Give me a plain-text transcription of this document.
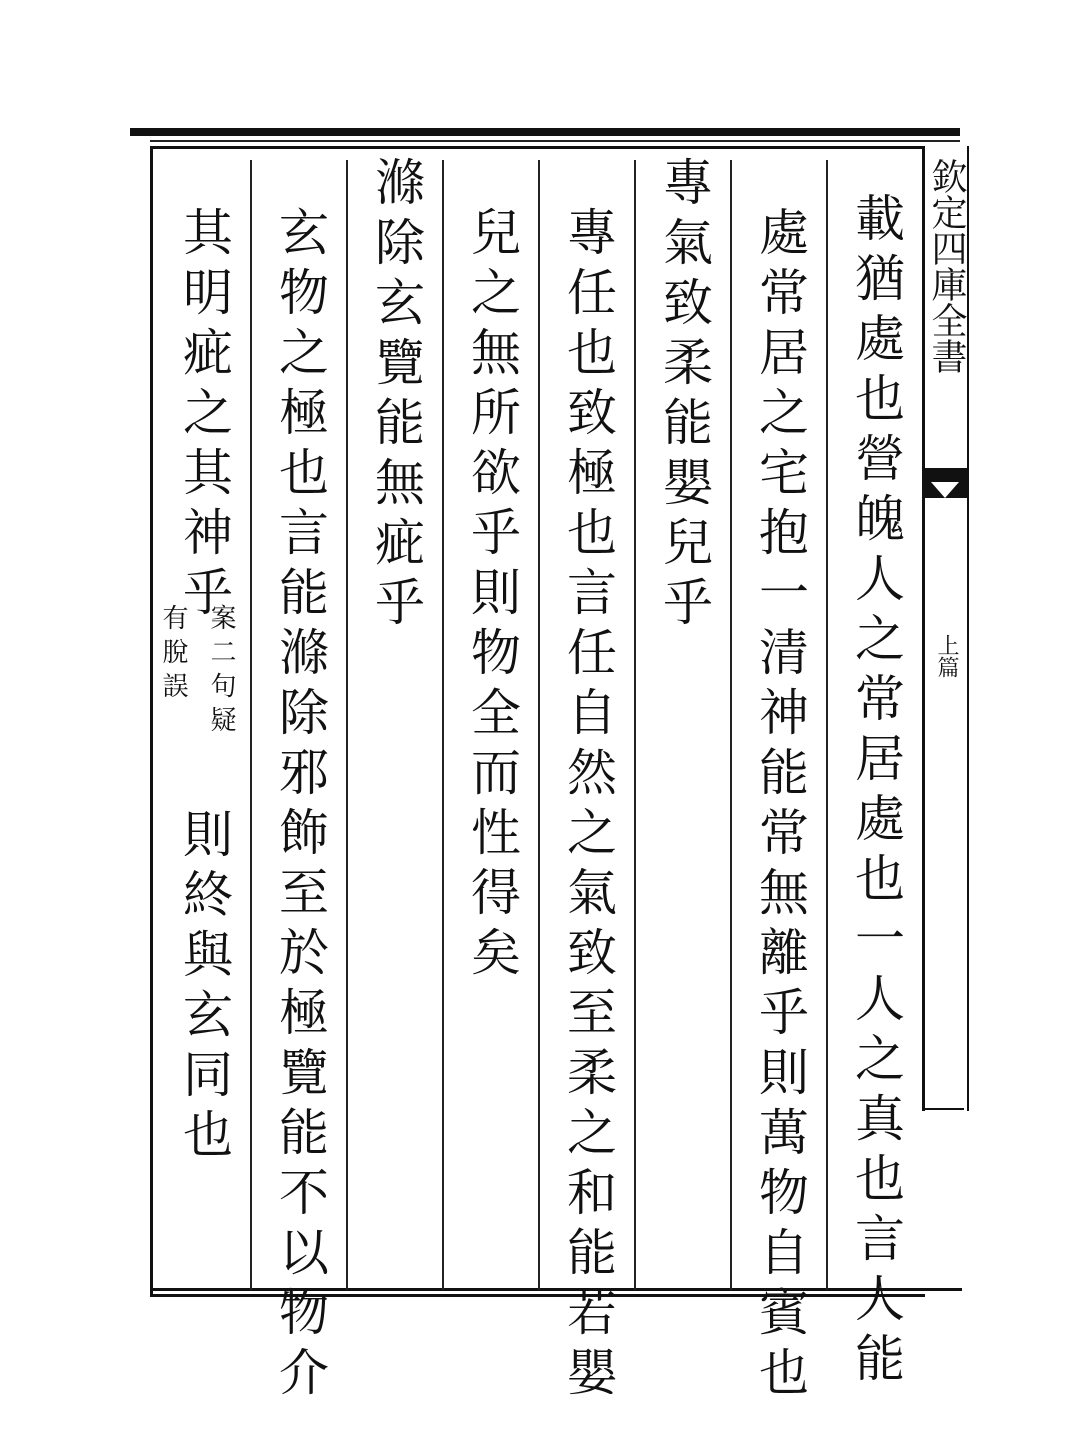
欽定四庫全書
上篇
載猶處也營魄人之常居處也一人之真也言人能
處常居之宅抱一清神能常無離乎則萬物自賓也
專氣致柔能嬰兒乎
專任也致極也言任自然之氣致至柔之和能若嬰
兒之無所欲乎則物全而性得矣
滌除玄覽能無疵乎
玄物之極也言能滌除邪飾至於極覽能不以物介
其明疵之其神乎
案二句疑
有脫誤
則終與玄同也
